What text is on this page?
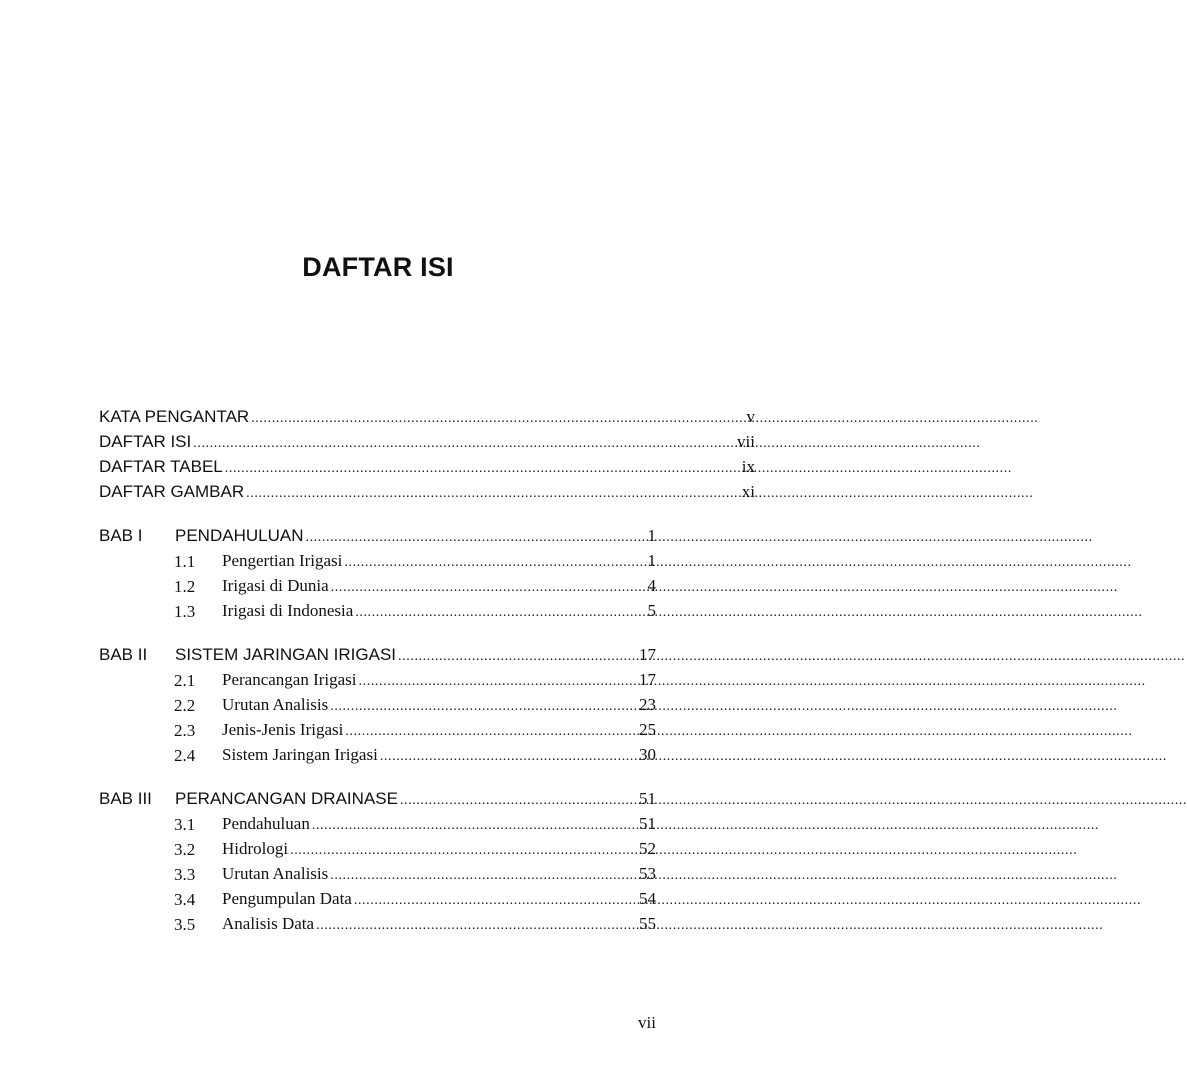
DAFTAR ISI
KATA PENGANTAR .....	v
DAFTAR ISI .....	vii
DAFTAR TABEL .....	ix
DAFTAR GAMBAR .....	xi
BAB I PENDAHULUAN .....	1
1.1 Pengertian Irigasi .....	1
1.2 Irigasi di Dunia .....	4
1.3 Irigasi di Indonesia .....	5
BAB II SISTEM JARINGAN IRIGASI .....	17
2.1 Perancangan Irigasi .....	17
2.2 Urutan Analisis .....	23
2.3 Jenis-Jenis Irigasi .....	25
2.4 Sistem Jaringan Irigasi .....	30
BAB III PERANCANGAN DRAINASE .....	51
3.1 Pendahuluan .....	51
3.2 Hidrologi .....	52
3.3 Urutan Analisis .....	53
3.4 Pengumpulan Data .....	54
3.5 Analisis Data .....	55
vii
